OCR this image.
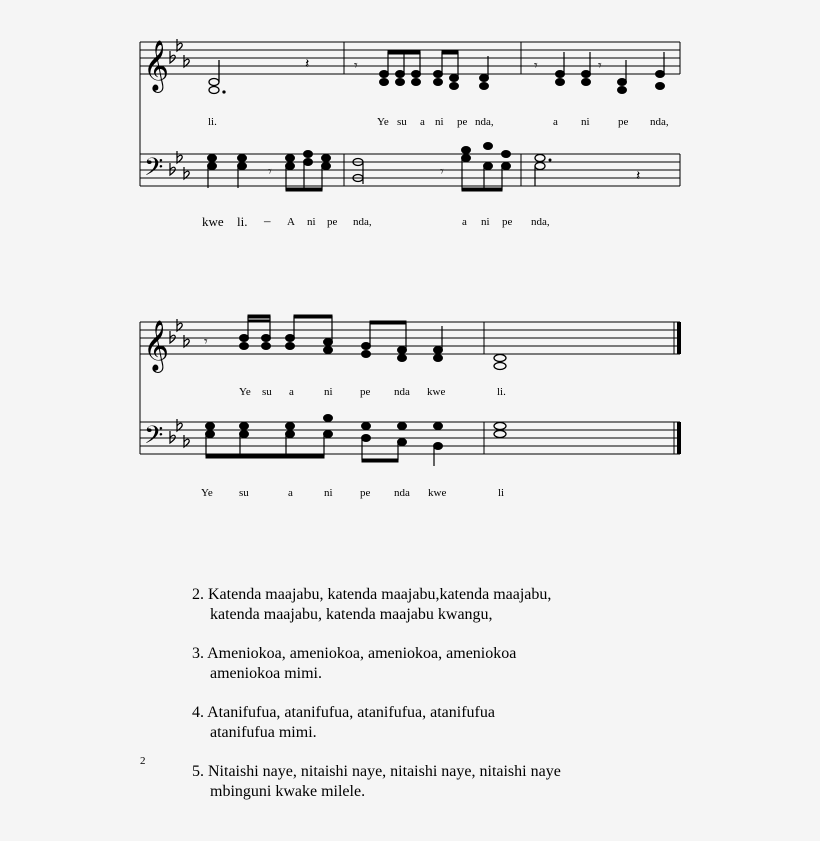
𝄞
𝄢
𝄽	𝄾	𝄾	𝄾
𝄾	𝄾	𝄽
𝄞
𝄢
𝄾
li.	Ye su a ni pe nda,	a ni	pe nda,
kwe li. – A ni pe nda,	a ni pe nda,
Ye su a	ni pe nda kwe	li.
Ye su	a	ni pe nda kwe	li
2. Katenda maajabu, katenda maajabu,katenda maajabu,
katenda maajabu, katenda maajabu kwangu,
3. Ameniokoa, ameniokoa, ameniokoa, ameniokoa
ameniokoa mimi.
4. Atanifufua, atanifufua, atanifufua, atanifufua
atanifufua mimi.
5. Nitaishi naye, nitaishi naye, nitaishi naye, nitaishi naye
mbinguni kwake milele.
2
